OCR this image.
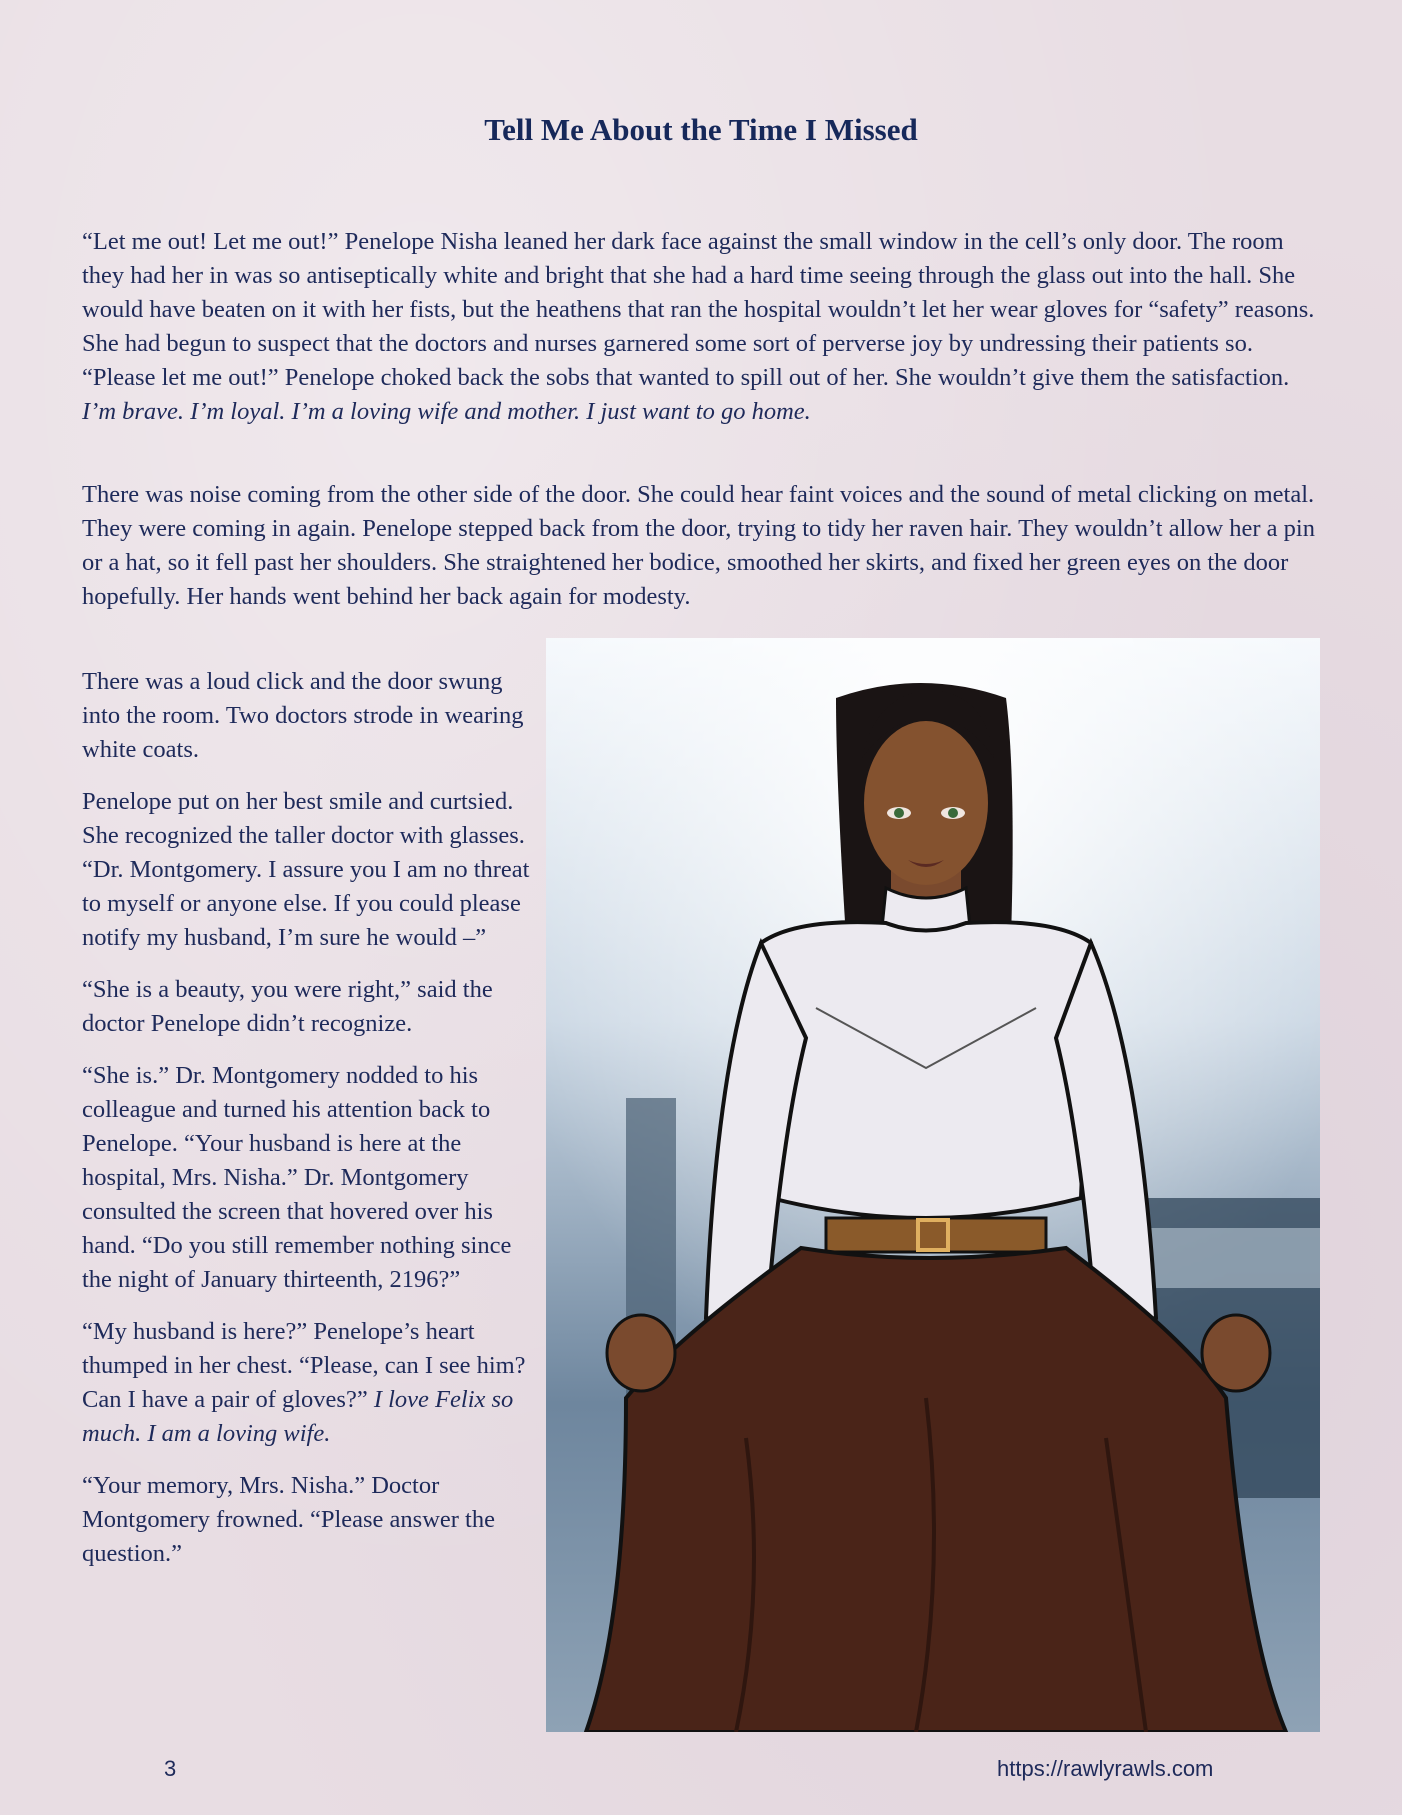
Tell Me About the Time I Missed

“Let me out! Let me out!” Penelope Nisha leaned her dark face against the small window in the cell’s only door. The room they had her in was so antiseptically white and bright that she had a hard time seeing through the glass out into the hall. She would have beaten on it with her fists, but the heathens that ran the hospital wouldn’t let her wear gloves for “safety” reasons. She had begun to suspect that the doctors and nurses garnered some sort of perverse joy by undressing their patients so. “Please let me out!” Penelope choked back the sobs that wanted to spill out of her. She wouldn’t give them the satisfaction. I’m brave. I’m loyal. I’m a loving wife and mother. I just want to go home.

There was noise coming from the other side of the door. She could hear faint voices and the sound of metal clicking on metal. They were coming in again. Penelope stepped back from the door, trying to tidy her raven hair. They wouldn’t allow her a pin or a hat, so it fell past her shoulders. She straightened her bodice, smoothed her skirts, and fixed her green eyes on the door hopefully. Her hands went behind her back again for modesty.

There was a loud click and the door swung into the room. Two doctors strode in wearing white coats.

Penelope put on her best smile and curtsied. She recognized the taller doctor with glasses. “Dr. Montgomery. I assure you I am no threat to myself or anyone else. If you could please notify my husband, I’m sure he would –”

“She is a beauty, you were right,” said the doctor Penelope didn’t recognize.

“She is.” Dr. Montgomery nodded to his colleague and turned his attention back to Penelope. “Your husband is here at the hospital, Mrs. Nisha.” Dr. Montgomery consulted the screen that hovered over his hand. “Do you still remember nothing since the night of January thirteenth, 2196?”

“My husband is here?” Penelope’s heart thumped in her chest. “Please, can I see him? Can I have a pair of gloves?” I love Felix so much. I am a loving wife.

“Your memory, Mrs. Nisha.” Doctor Montgomery frowned. “Please answer the question.”

3	https://rawlyrawls.com
